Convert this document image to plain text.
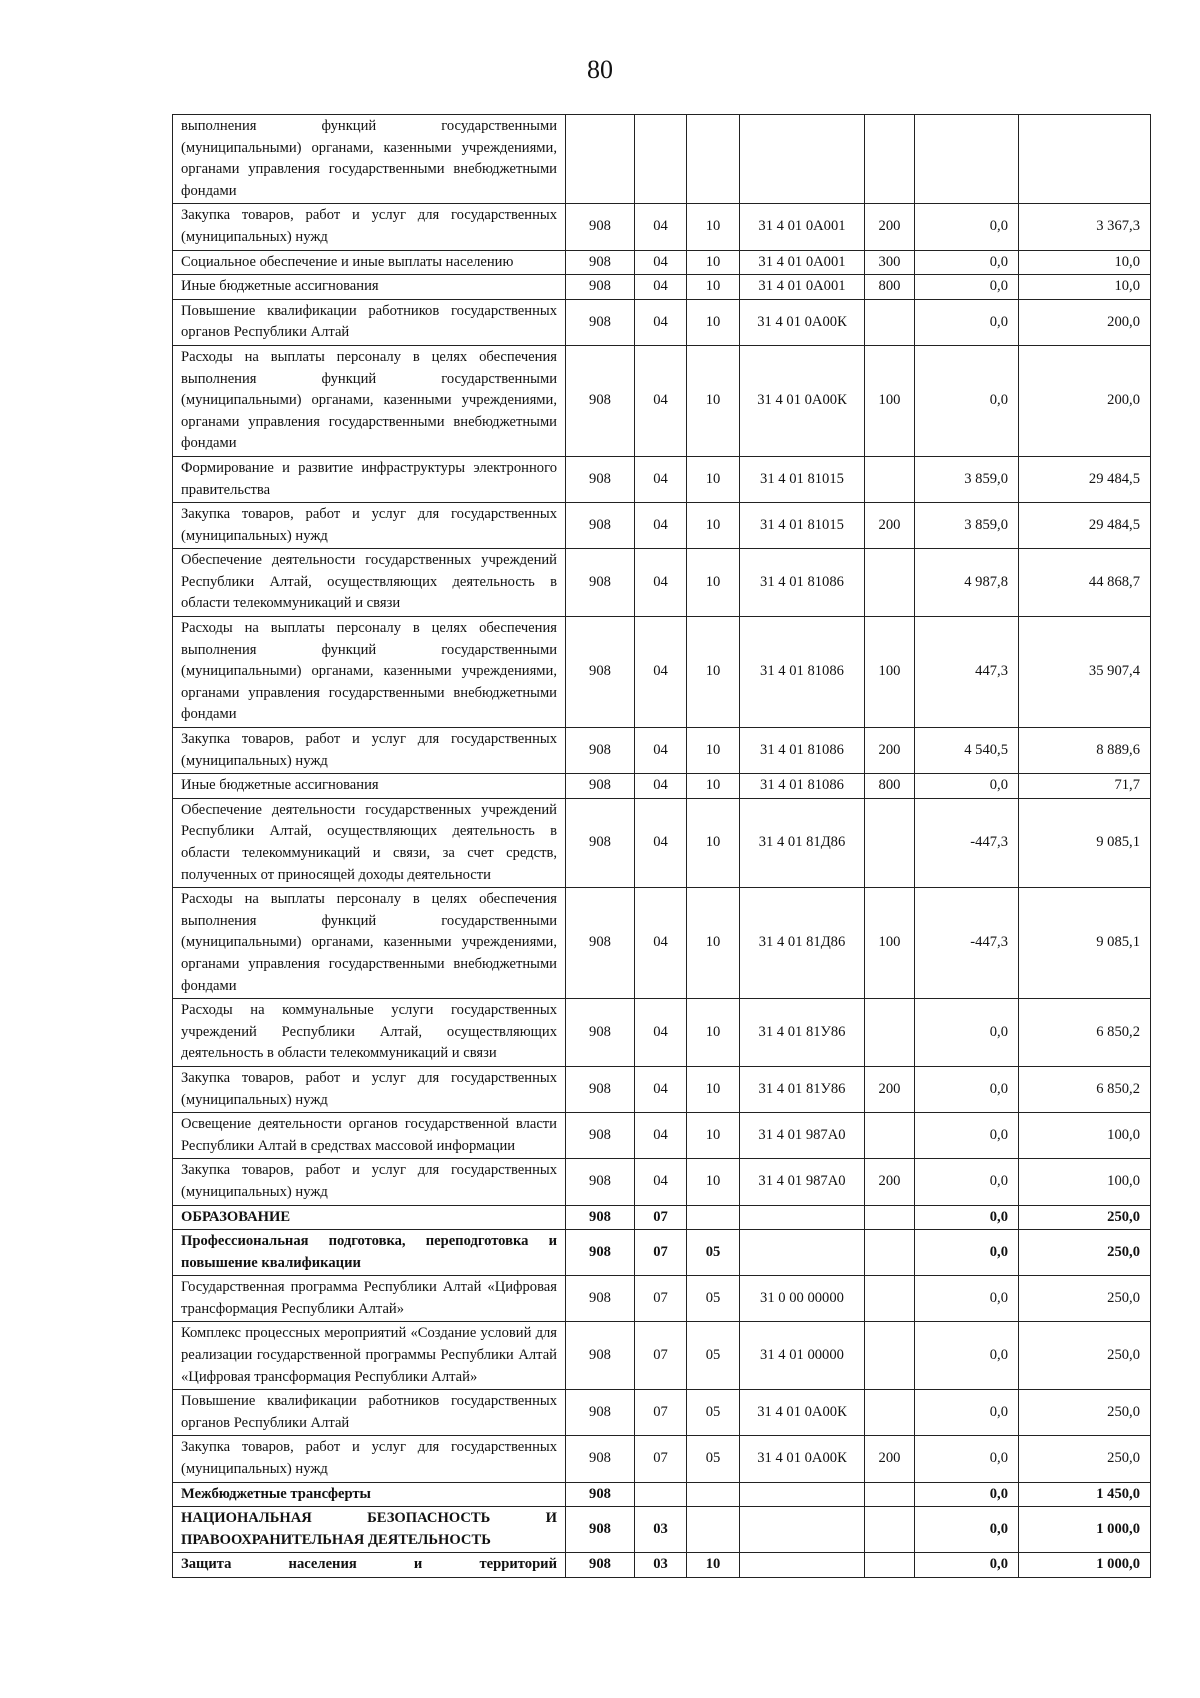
80
выполнения функций государственными (муниципальными) органами, казенными учреждениями, органами управления государственными внебюджетными фондами							
Закупка товаров, работ и услуг для государственных (муниципальных) нужд	908	04	10	31 4 01 0А001	200	0,0	3 367,3
Социальное обеспечение и иные выплаты населению	908	04	10	31 4 01 0А001	300	0,0	10,0
Иные бюджетные ассигнования	908	04	10	31 4 01 0А001	800	0,0	10,0
Повышение квалификации работников государственных органов Республики Алтай	908	04	10	31 4 01 0А00К		0,0	200,0
Расходы на выплаты персоналу в целях обеспечения выполнения функций государственными (муниципальными) органами, казенными учреждениями, органами управления государственными внебюджетными фондами	908	04	10	31 4 01 0А00К	100	0,0	200,0
Формирование и развитие инфраструктуры электронного правительства	908	04	10	31 4 01 81015		3 859,0	29 484,5
Закупка товаров, работ и услуг для государственных (муниципальных) нужд	908	04	10	31 4 01 81015	200	3 859,0	29 484,5
Обеспечение деятельности государственных учреждений Республики Алтай, осуществляющих деятельность в области телекоммуникаций и связи	908	04	10	31 4 01 81086		4 987,8	44 868,7
Расходы на выплаты персоналу в целях обеспечения выполнения функций государственными (муниципальными) органами, казенными учреждениями, органами управления государственными внебюджетными фондами	908	04	10	31 4 01 81086	100	447,3	35 907,4
Закупка товаров, работ и услуг для государственных (муниципальных) нужд	908	04	10	31 4 01 81086	200	4 540,5	8 889,6
Иные бюджетные ассигнования	908	04	10	31 4 01 81086	800	0,0	71,7
Обеспечение деятельности государственных учреждений Республики Алтай, осуществляющих деятельность в области телекоммуникаций и связи, за счет средств, полученных от приносящей доходы деятельности	908	04	10	31 4 01 81Д86		-447,3	9 085,1
Расходы на выплаты персоналу в целях обеспечения выполнения функций государственными (муниципальными) органами, казенными учреждениями, органами управления государственными внебюджетными фондами	908	04	10	31 4 01 81Д86	100	-447,3	9 085,1
Расходы на коммунальные услуги государственных учреждений Республики Алтай, осуществляющих деятельность в области телекоммуникаций и связи	908	04	10	31 4 01 81У86		0,0	6 850,2
Закупка товаров, работ и услуг для государственных (муниципальных) нужд	908	04	10	31 4 01 81У86	200	0,0	6 850,2
Освещение деятельности органов государственной власти Республики Алтай в средствах массовой информации	908	04	10	31 4 01 987А0		0,0	100,0
Закупка товаров, работ и услуг для государственных (муниципальных) нужд	908	04	10	31 4 01 987А0	200	0,0	100,0
ОБРАЗОВАНИЕ	908	07				0,0	250,0
Профессиональная подготовка, переподготовка и повышение квалификации	908	07	05			0,0	250,0
Государственная программа Республики Алтай «Цифровая трансформация Республики Алтай»	908	07	05	31 0 00 00000		0,0	250,0
Комплекс процессных мероприятий «Создание условий для реализации государственной программы Республики Алтай «Цифровая трансформация Республики Алтай»	908	07	05	31 4 01 00000		0,0	250,0
Повышение квалификации работников государственных органов Республики Алтай	908	07	05	31 4 01 0А00К		0,0	250,0
Закупка товаров, работ и услуг для государственных (муниципальных) нужд	908	07	05	31 4 01 0А00К	200	0,0	250,0
Межбюджетные трансферты	908					0,0	1 450,0
НАЦИОНАЛЬНАЯ БЕЗОПАСНОСТЬ И ПРАВООХРАНИТЕЛЬНАЯ ДЕЯТЕЛЬНОСТЬ	908	03				0,0	1 000,0
Защита населения и территорий	908	03	10			0,0	1 000,0
